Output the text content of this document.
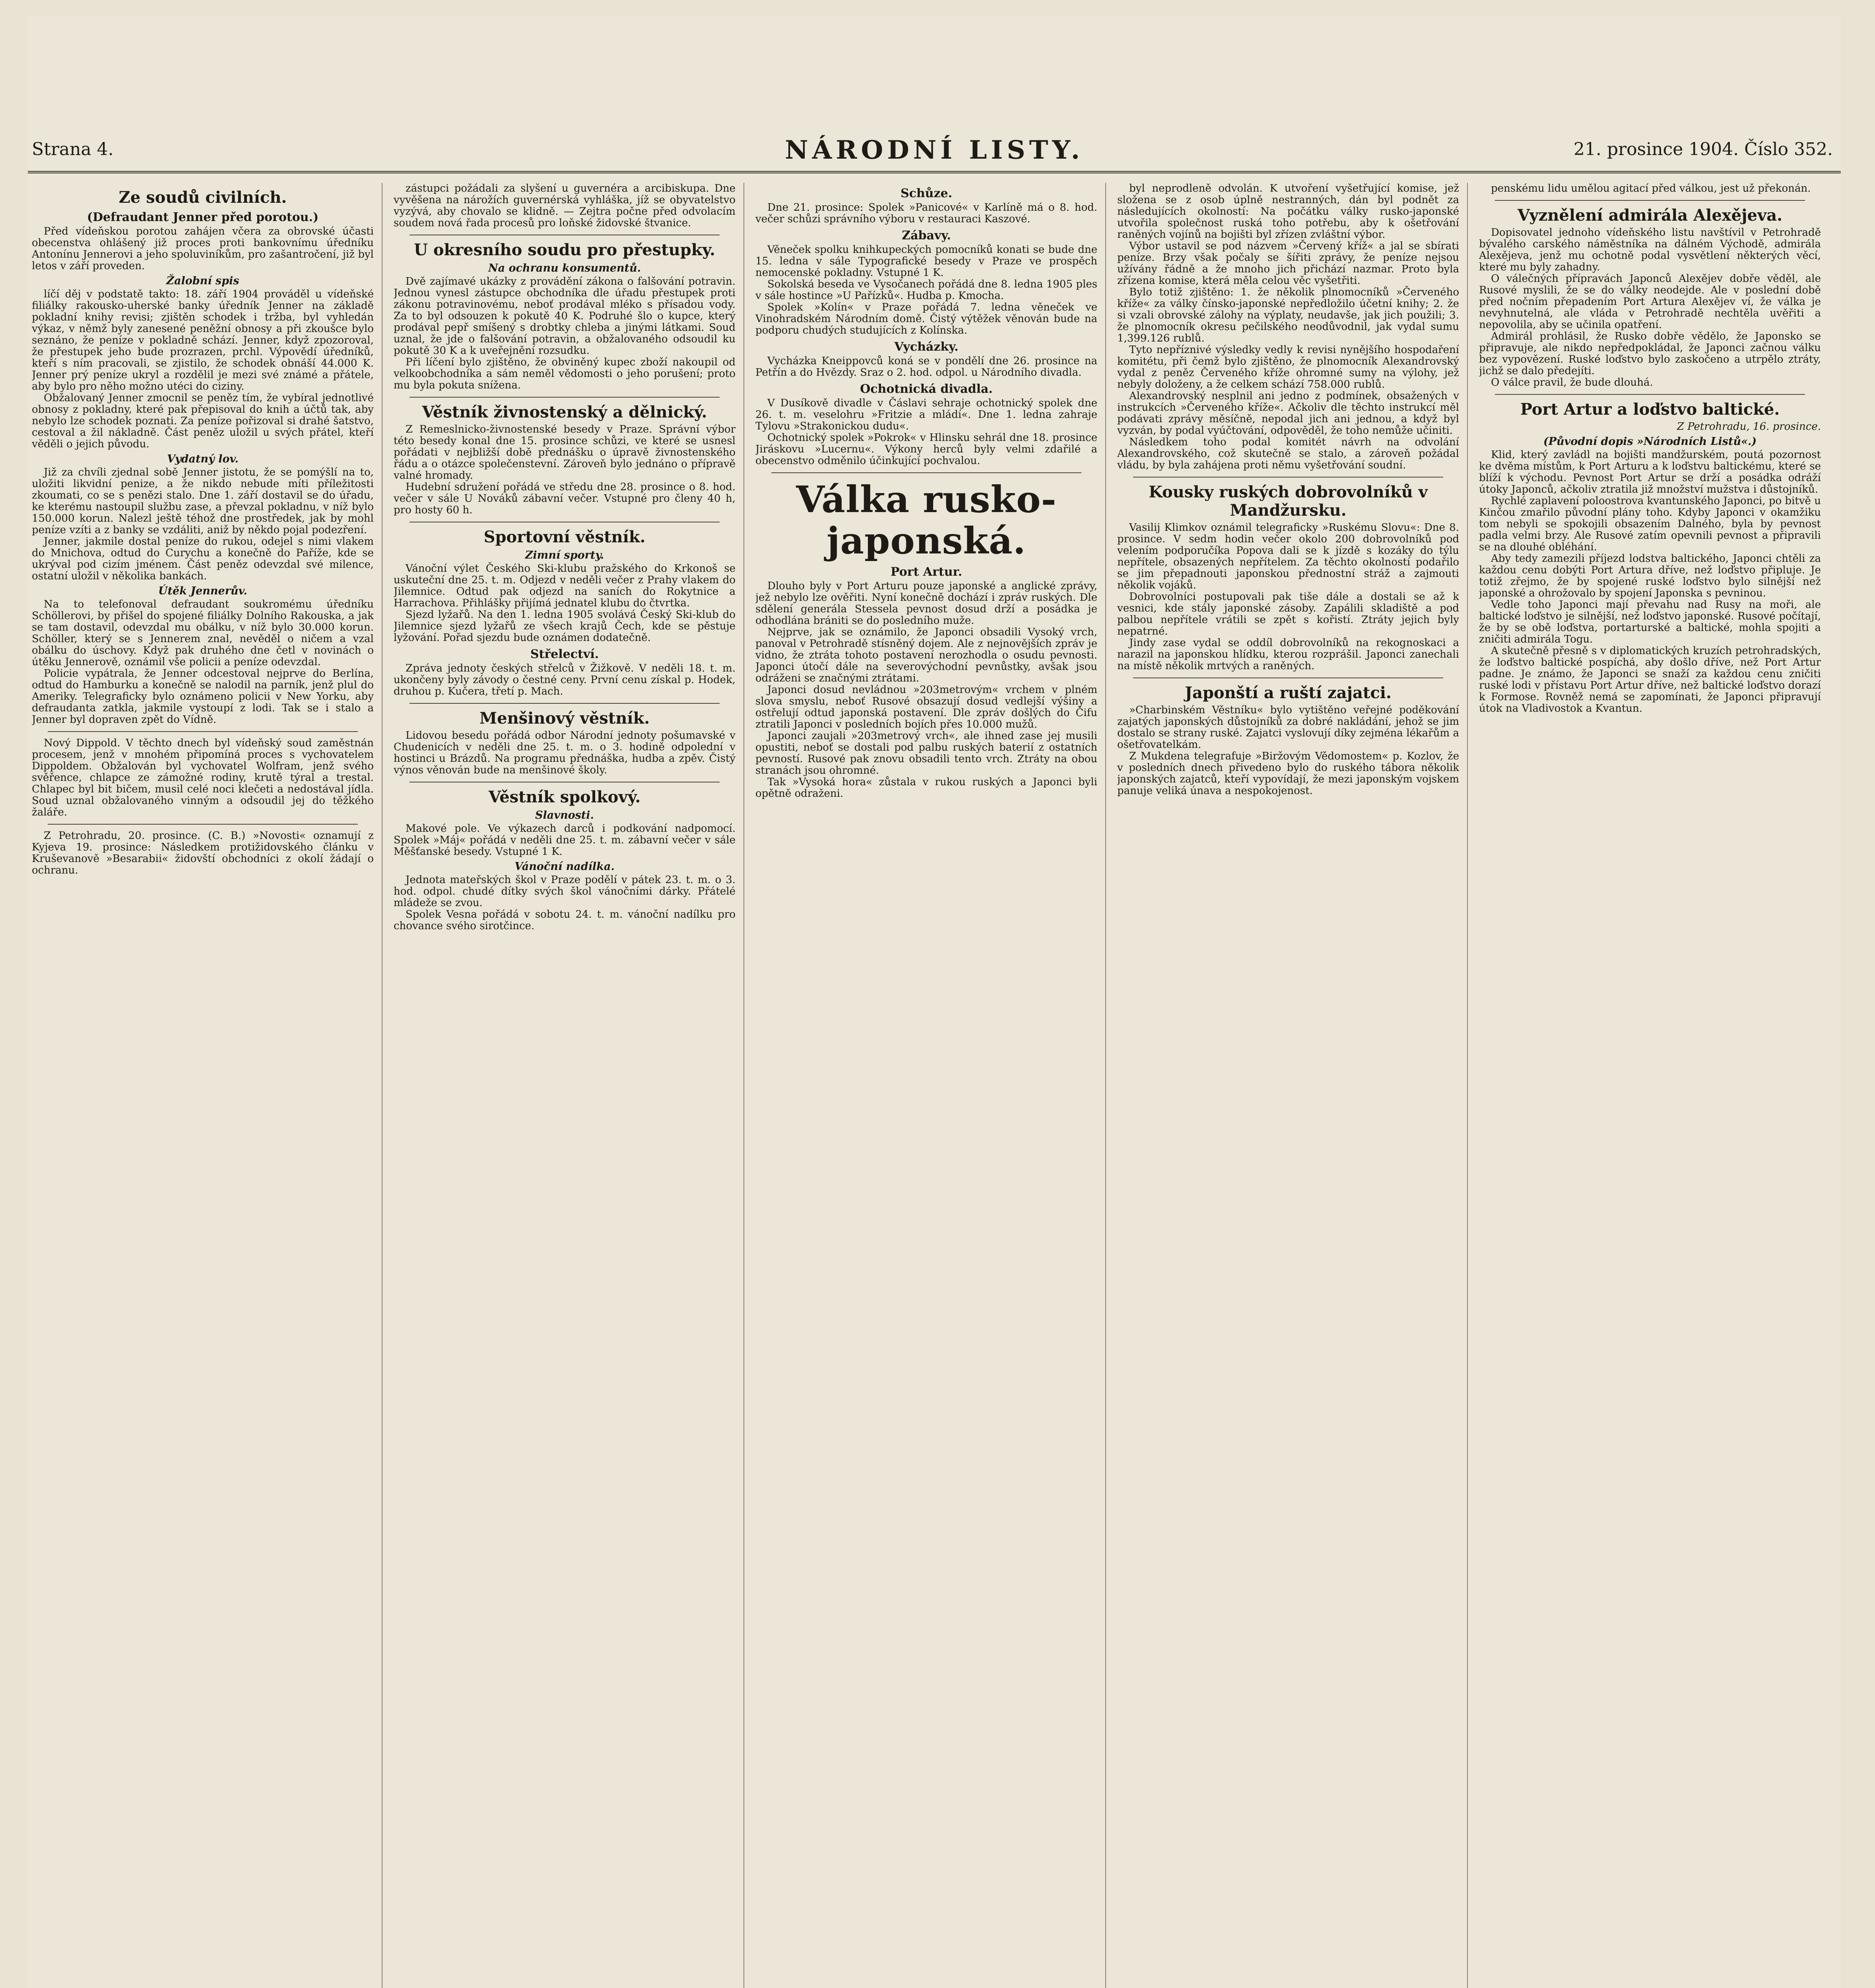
Strana 4.	NÁRODNÍ LISTY.	21. prosince 1904. Číslo 352.
Ze soudů civilních.
(Defraudant Jenner před porotou.)

Před vídeňskou porotou zahájen včera za obrovské účasti obecenstva ohlášený již proces proti bankovnímu úředníku Antonínu Jennerovi a jeho spoluviníkům, pro zašantročení, již byl letos v září proveden.

Žalobní spis

líčí děj v podstatě takto: 18. září 1904 prováděl u vídeňské filiálky rakousko-uherské banky úředník Jenner na základě pokladní knihy revisi; zjištěn schodek i tržba, byl vyhledán výkaz, v němž byly zanesené peněžní obnosy a při zkoušce bylo seznáno, že peníze v pokladně schází. Jenner, když zpozoroval, že přestupek jeho bude prozrazen, prchl. Výpovědí úředníků, kteří s ním pracovali, se zjistilo, že schodek obnáší 44.000 K. Jenner prý peníze ukryl a rozdělil je mezi své známé a přátele, aby bylo pro něho možno utéci do ciziny.

Obžalovaný Jenner zmocnil se peněz tím, že vybíral jednotlivé obnosy z pokladny, které pak přepisoval do knih a účtů tak, aby nebylo lze schodek poznati. Za peníze pořizoval si drahé šatstvo, cestoval a žil nákladně. Část peněz uložil u svých přátel, kteří věděli o jejich původu.

Vydatný lov.

Již za chvíli zjednal sobě Jenner jistotu, že se pomýšlí na to, uložiti likvidní penize, a že nikdo nebude míti příležitosti zkoumati, co se s penězi stalo. Dne 1. září dostavil se do úřadu, ke kterému nastoupil službu zase, a převzal pokladnu, v níž bylo 150.000 korun. Nalezl ještě téhož dne prostředek, jak by mohl peníze vzíti a z banky se vzdáliti, aniž by někdo pojal podezření.

Jenner, jakmile dostal peníze do rukou, odejel s nimi vlakem do Mnichova, odtud do Curychu a konečně do Paříže, kde se ukrýval pod cizím jménem. Část peněz odevzdal své milence, ostatní uložil v několika bankách.

Útěk Jennerův.

Na to telefonoval defraudant soukromému úředníku Schöllerovi, by přišel do spojené filiálky Dolního Rakouska, a jak se tam dostavil, odevzdal mu obálku, v níž bylo 30.000 korun. Schöller, který se s Jennerem znal, nevěděl o ničem a vzal obálku do úschovy. Když pak druhého dne četl v novinách o útěku Jennerově, oznámil vše policii a peníze odevzdal.

Policie vypátrala, že Jenner odcestoval nejprve do Berlína, odtud do Hamburku a konečně se nalodil na parník, jenž plul do Ameriky. Telegraficky bylo oznámeno policii v New Yorku, aby defraudanta zatkla, jakmile vystoupí z lodi. Tak se i stalo a Jenner byl dopraven zpět do Vídně.

Nový Dippold. V těchto dnech byl vídeňský soud zaměstnán procesem, jenž v mnohém připomíná proces s vychovatelem Dippoldem. Obžalován byl vychovatel Wolfram, jenž svého svěřence, chlapce ze zámožné rodiny, krutě týral a trestal. Chlapec byl bit bičem, musil celé noci klečeti a nedostával jídla. Soud uznal obžalovaného vinným a odsoudil jej do těžkého žaláře.

Z Petrohradu, 20. prosince. (C. B.) »Novosti« oznamují z Kyjeva 19. prosince: Následkem protižidovského článku v Kruševanově »Besarabii« židovští obchodníci z okolí žádají o ochranu.

zástupci požádali za slyšení u guvernéra a arcibiskupa. Dne vyvěšena na nárožích guvernérská vyhláška, jíž se obyvatelstvo vyzývá, aby chovalo se klidně. — Zejtra počne před odvolacím soudem nová řada procesů pro loňské židovské štvanice.

U okresního soudu pro přestupky.
Na ochranu konsumentů.

Dvě zajímavé ukázky z provádění zákona o falšování potravin. Jednou vynesl zástupce obchodníka dle úřadu přestupek proti zákonu potravinovému, neboť prodával mléko s přísadou vody. Za to byl odsouzen k pokutě 40 K. Podruhé šlo o kupce, který prodával pepř smíšený s drobtky chleba a jinými látkami. Soud uznal, že jde o falšování potravin, a obžalovaného odsoudil ku pokutě 30 K a k uveřejnění rozsudku.

Při líčení bylo zjištěno, že obviněný kupec zboží nakoupil od velkoobchodníka a sám neměl vědomosti o jeho porušení; proto mu byla pokuta snížena.

Věstník živnostenský a dělnický.

Z Remeslnicko-živnostenské besedy v Praze. Správní výbor této besedy konal dne 15. prosince schůzi, ve které se usnesl pořádati v nejbližší době přednášku o úpravě živnostenského řádu a o otázce společenstevní. Zároveň bylo jednáno o přípravě valné hromady.

Hudební sdružení pořádá ve středu dne 28. prosince o 8. hod. večer v sále U Nováků zábavní večer. Vstupné pro členy 40 h, pro hosty 60 h.

Sportovní věstník.
Zimní sporty.

Vánoční výlet Českého Ski-klubu pražského do Krkonoš se uskuteční dne 25. t. m. Odjezd v neděli večer z Prahy vlakem do Jilemnice. Odtud pak odjezd na saních do Rokytnice a Harrachova. Přihlášky přijímá jednatel klubu do čtvrtka.

Sjezd lyžařů. Na den 1. ledna 1905 svolává Český Ski-klub do Jilemnice sjezd lyžařů ze všech krajů Čech, kde se pěstuje lyžování. Pořad sjezdu bude oznámen dodatečně.

Střelectví.

Zpráva jednoty českých střelců v Žižkově. V neděli 18. t. m. ukončeny byly závody o čestné ceny. První cenu získal p. Hodek, druhou p. Kučera, třetí p. Mach.

Menšinový věstník.

Lidovou besedu pořádá odbor Národní jednoty pošumavské v Chudenicích v neděli dne 25. t. m. o 3. hodině odpolední v hostinci u Brázdů. Na programu přednáška, hudba a zpěv. Čistý výnos věnován bude na menšinové školy.

Věstník spolkový.
Slavnosti.

Makové pole. Ve výkazech darců i podkování nadpomocí. Spolek »Máj« pořádá v neděli dne 25. t. m. zábavní večer v sále Měšťanské besedy. Vstupné 1 K.

Vánoční nadílka.

Jednota mateřských škol v Praze podělí v pátek 23. t. m. o 3. hod. odpol. chudé dítky svých škol vánočními dárky. Přátelé mládeže se zvou.

Spolek Vesna pořádá v sobotu 24. t. m. vánoční nadílku pro chovance svého sirotčince.

Schůze.

Dne 21. prosince: Spolek »Panicové« v Karlíně má o 8. hod. večer schůzi správního výboru v restauraci Kaszové.

Zábavy.

Věneček spolku knihkupeckých pomocníků konati se bude dne 15. ledna v sále Typografické besedy v Praze ve prospěch nemocenské pokladny. Vstupné 1 K.

Sokolská beseda ve Vysočanech pořádá dne 8. ledna 1905 ples v sále hostince »U Pařízků«. Hudba p. Kmocha.

Spolek »Kolín« v Praze pořádá 7. ledna věneček ve Vinohradském Národním domě. Čistý výtěžek věnován bude na podporu chudých studujících z Kolínska.

Vycházky.

Vycházka Kneippovců koná se v pondělí dne 26. prosince na Petřín a do Hvězdy. Sraz o 2. hod. odpol. u Národního divadla.

Ochotnická divadla.

V Dusíkově divadle v Čáslavi sehraje ochotnický spolek dne 26. t. m. veselohru »Fritzie a mládí«. Dne 1. ledna zahraje Tylovu »Strakonickou dudu«.

Ochotnický spolek »Pokrok« v Hlinsku sehrál dne 18. prosince Jiráskovu »Lucernu«. Výkony herců byly velmi zdařilé a obecenstvo odměnilo účinkující pochvalou.

Válka rusko-japonská.
Port Artur.

Dlouho byly v Port Arturu pouze japonské a anglické zprávy, jež nebylo lze ověřiti. Nyní konečně dochází i zpráv ruských. Dle sdělení generála Stessela pevnost dosud drží a posádka je odhodlána brániti se do posledního muže.

Nejprve, jak se oznámilo, že Japonci obsadili Vysoký vrch, panoval v Petrohradě stísněný dojem. Ale z nejnovějších zpráv je vidno, že ztráta tohoto postavení nerozhodla o osudu pevnosti. Japonci útočí dále na severovýchodní pevnůstky, avšak jsou odráženi se značnými ztrátami.

Japonci dosud nevládnou »203metrovým« vrchem v plném slova smyslu, neboť Rusové obsazují dosud vedlejší výšiny a ostřelují odtud japonská postavení. Dle zpráv došlých do Čifu ztratili Japonci v posledních bojích přes 10.000 mužů.

Japonci zaujali »203metrový vrch«, ale ihned zase jej musili opustiti, neboť se dostali pod palbu ruských baterií z ostatních pevností. Rusové pak znovu obsadili tento vrch. Ztráty na obou stranách jsou ohromné.

Tak »Vysoká hora« zůstala v rukou ruských a Japonci byli opětně odraženi.

byl neprodleně odvolán. K utvoření vyšetřující komise, jež složena se z osob úplně nestranných, dán byl podnět za následujících okolností: Na počátku války rusko-japonské utvořila společnost ruská toho potřebu, aby k ošetřování raněných vojínů na bojišti byl zřízen zvláštní výbor.

Výbor ustavil se pod názvem »Červený kříž« a jal se sbírati peníze. Brzy však počaly se šířiti zprávy, že peníze nejsou užívány řádně a že mnoho jich přichází nazmar. Proto byla zřízena komise, která měla celou věc vyšetřiti.

Bylo totiž zjištěno: 1. že několik plnomocníků »Červeného kříže« za války čínsko-japonské nepředložilo účetní knihy; 2. že si vzali obrovské zálohy na výplaty, neudavše, jak jich použili; 3. že plnomocník okresu pečilského neodůvodnil, jak vydal sumu 1,399.126 rublů.

Tyto nepříznivé výsledky vedly k revisi nynějšího hospodaření komitétu, při čemž bylo zjištěno, že plnomocník Alexandrovský vydal z peněz Červeného kříže ohromné sumy na výlohy, jež nebyly doloženy, a že celkem schází 758.000 rublů.

Alexandrovský nesplnil ani jedno z podmínek, obsažených v instrukcích »Červeného kříže«. Ačkoliv dle těchto instrukcí měl podávati zprávy měsíčně, nepodal jich ani jednou, a když byl vyzván, by podal vyúčtování, odpověděl, že toho nemůže učiniti.

Následkem toho podal komitét návrh na odvolání Alexandrovského, což skutečně se stalo, a zároveň požádal vládu, by byla zahájena proti němu vyšetřování soudní.

Kousky ruských dobrovolníků v Mandžursku.

Vasilij Klimkov oznámil telegraficky »Ruskému Slovu«: Dne 8. prosince. V sedm hodin večer okolo 200 dobrovolníků pod velením podporučíka Popova dali se k jízdě s kozáky do týlu nepřítele, obsazených nepřítelem. Za těchto okolností podařilo se jim přepadnouti japonskou přednostní stráž a zajmouti několik vojáků.

Dobrovolníci postupovali pak tiše dále a dostali se až k vesnici, kde stály japonské zásoby. Zapálili skladiště a pod palbou nepřítele vrátili se zpět s kořistí. Ztráty jejich byly nepatrné.

Jindy zase vydal se oddíl dobrovolníků na rekognoskaci a narazil na japonskou hlídku, kterou rozprášil. Japonci zanechali na místě několik mrtvých a raněných.

Japonští a ruští zajatci.

»Charbinském Věstníku« bylo vytištěno veřejné poděkování zajatých japonských důstojníků za dobré nakládání, jehož se jim dostalo se strany ruské. Zajatci vyslovují díky zejména lékařům a ošetřovatelkám.

Z Mukdena telegrafuje »Biržovým Vědomostem« p. Kozlov, že v posledních dnech přivedeno bylo do ruského tábora několik japonských zajatců, kteří vypovídají, že mezi japonským vojskem panuje veliká únava a nespokojenost.

penskému lidu umělou agitací před válkou, jest už překonán.

Vyznělení admirála Alexějeva.

Dopisovatel jednoho vídeňského listu navštívil v Petrohradě bývalého carského náměstníka na dálném Východě, admirála Alexějeva, jenž mu ochotně podal vysvětlení některých věcí, které mu byly zahadny.

O válečných přípravách Japonců Alexějev dobře věděl, ale Rusové myslili, že se do války neodejde. Ale v poslední době před nočním přepadením Port Artura Alexějev ví, že válka je nevyhnutelná, ale vláda v Petrohradě nechtěla uvěřiti a nepovolila, aby se učinila opatření.

Admirál prohlásil, že Rusko dobře vědělo, že Japonsko se připravuje, ale nikdo nepředpokládal, že Japonci začnou válku bez vypovězení. Ruské loďstvo bylo zaskočeno a utrpělo ztráty, jichž se dalo předejíti.

O válce pravil, že bude dlouhá.

Port Artur a loďstvo baltické.
Z Petrohradu, 16. prosince.
(Původní dopis »Národních Listů«.)

Klid, který zavládl na bojišti mandžurském, poutá pozornost ke dvěma místům, k Port Arturu a k loďstvu baltickému, které se blíží k východu. Pevnost Port Artur se drží a posádka odráží útoky Japonců, ačkoliv ztratila již množství mužstva i důstojníků.

Rychlé zaplavení poloostrova kvantunského Japonci, po bitvě u Kinčou zmařilo původní plány toho. Kdyby Japonci v okamžiku tom nebyli se spokojili obsazením Dalného, byla by pevnost padla velmi brzy. Ale Rusové zatím opevnili pevnost a připravili se na dlouhé obléhání.

Aby tedy zamezili příjezd lodstva baltického, Japonci chtěli za každou cenu dobýti Port Artura dříve, než loďstvo připluje. Je totiž zřejmo, že by spojené ruské loďstvo bylo silnější než japonské a ohrožovalo by spojení Japonska s pevninou.

Vedle toho Japonci mají převahu nad Rusy na moři, ale baltické loďstvo je silnější, než loďstvo japonské. Rusové počítají, že by se obě loďstva, portarturské a baltické, mohla spojiti a zničiti admirála Togu.

A skutečně přesně s v diplomatických kruzích petrohradských, že loďstvo baltické pospíchá, aby došlo dříve, než Port Artur padne. Je známo, že Japonci se snaží za každou cenu zničiti ruské lodi v přístavu Port Artur dříve, než baltické loďstvo dorazí k Formose. Rovněž nemá se zapomínati, že Japonci připravují útok na Vladivostok a Kvantun.
